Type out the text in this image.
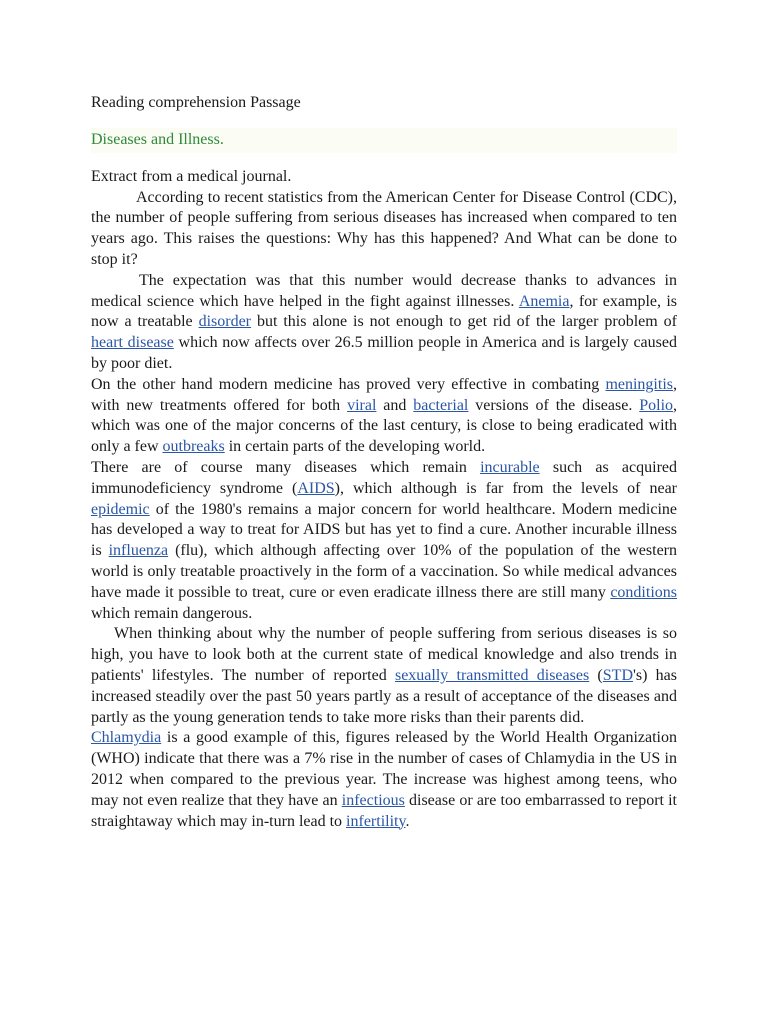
Reading comprehension Passage
Diseases and Illness.

Extract from a medical journal.

According to recent statistics from the American Center for Disease Control (CDC), the number of people suffering from serious diseases has increased when compared to ten years ago. This raises the questions: Why has this happened? And What can be done to stop it?

The expectation was that this number would decrease thanks to advances in medical science which have helped in the fight against illnesses. Anemia, for example, is now a treatable disorder but this alone is not enough to get rid of the larger problem of heart disease which now affects over 26.5 million people in America and is largely caused by poor diet.

On the other hand modern medicine has proved very effective in combating meningitis, with new treatments offered for both viral and bacterial versions of the disease. Polio, which was one of the major concerns of the last century, is close to being eradicated with only a few outbreaks in certain parts of the developing world.

There are of course many diseases which remain incurable such as acquired immunodeficiency syndrome (AIDS), which although is far from the levels of near epidemic of the 1980's remains a major concern for world healthcare. Modern medicine has developed a way to treat for AIDS but has yet to find a cure. Another incurable illness is influenza (flu), which although affecting over 10% of the population of the western world is only treatable proactively in the form of a vaccination. So while medical advances have made it possible to treat, cure or even eradicate illness there are still many conditions which remain dangerous.

When thinking about why the number of people suffering from serious diseases is so high, you have to look both at the current state of medical knowledge and also trends in patients' lifestyles. The number of reported sexually transmitted diseases (STD's) has increased steadily over the past 50 years partly as a result of acceptance of the diseases and partly as the young generation tends to take more risks than their parents did.

Chlamydia is a good example of this, figures released by the World Health Organization (WHO) indicate that there was a 7% rise in the number of cases of Chlamydia in the US in 2012 when compared to the previous year. The increase was highest among teens, who may not even realize that they have an infectious disease or are too embarrassed to report it straightaway which may in-turn lead to infertility.
